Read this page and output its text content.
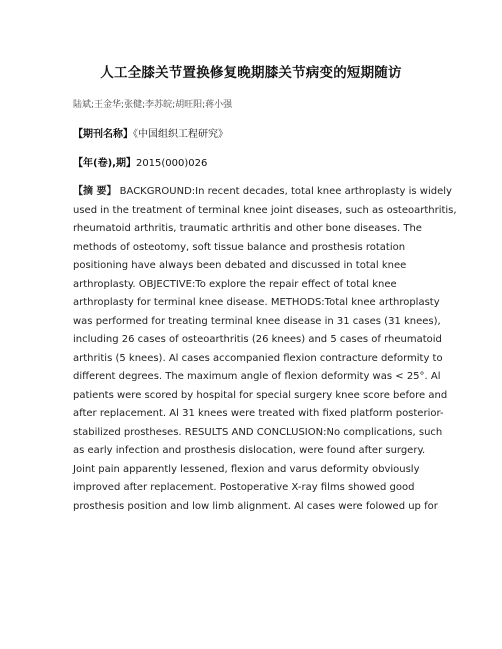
人工全膝关节置换修复晚期膝关节病变的短期随访
陆斌;王金华;张健;李苏皖;胡旺阳;蒋小强
【期刊名称】《中国组织工程研究》
【年(卷),期】2015(000)026
【摘 要】 BACKGROUND:In recent decades, total knee arthroplasty is widely
used in the treatment of terminal knee joint diseases, such as osteoarthritis,
rheumatoid arthritis, traumatic arthritis and other bone diseases. The
methods of osteotomy, soft tissue balance and prosthesis rotation
positioning have always been debated and discussed in total knee
arthroplasty. OBJECTIVE:To explore the repair effect of total knee
arthroplasty for terminal knee disease. METHODS:Total knee arthroplasty
was performed for treating terminal knee disease in 31 cases (31 knees),
including 26 cases of osteoarthritis (26 knees) and 5 cases of rheumatoid
arthritis (5 knees). Al cases accompanied flexion contracture deformity to
different degrees. The maximum angle of flexion deformity was < 25°. Al
patients were scored by hospital for special surgery knee score before and
after replacement. Al 31 knees were treated with fixed platform posterior-
stabilized prostheses. RESULTS AND CONCLUSION:No complications, such
as early infection and prosthesis dislocation, were found after surgery.
Joint pain apparently lessened, flexion and varus deformity obviously
improved after replacement. Postoperative X-ray films showed good
prosthesis position and low limb alignment. Al cases were folowed up for
